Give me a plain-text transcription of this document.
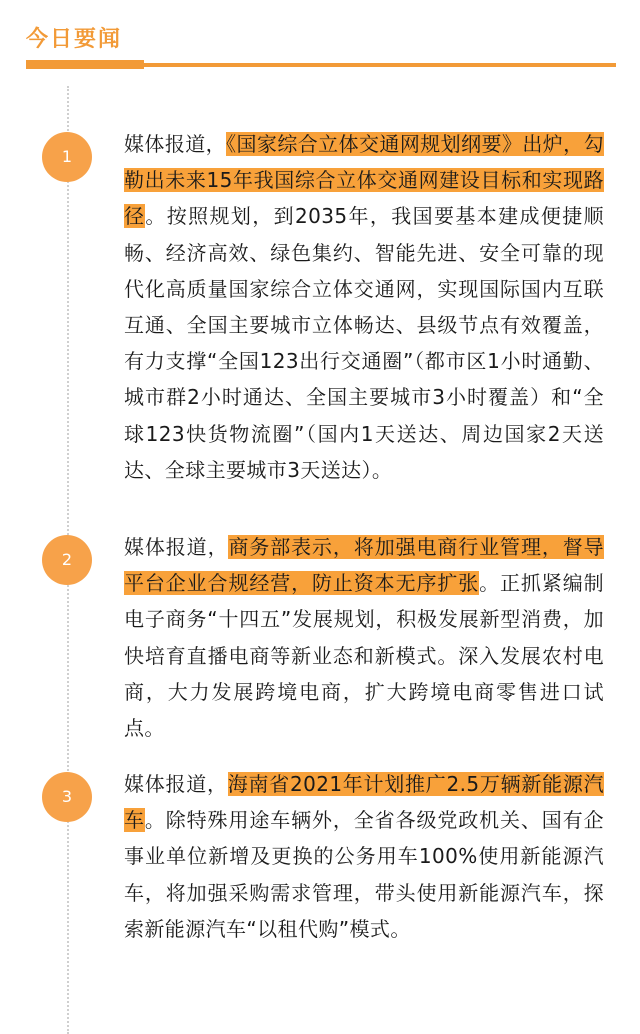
今日要闻
1

媒体报道，《国家综合立体交通网规划纲要》出炉，勾勒出未来15年我国综合立体交通网建设目标和实现路径。按照规划，到2035年，我国要基本建成便捷顺畅、经济高效、绿色集约、智能先进、安全可靠的现代化高质量国家综合立体交通网，实现国际国内互联互通、全国主要城市立体畅达、县级节点有效覆盖，有力支撑“全国123出行交通圈”（都市区1小时通勤、城市群2小时通达、全国主要城市3小时覆盖）和“全球123快货物流圈”（国内1天送达、周边国家2天送达、全球主要城市3天送达）。

2

媒体报道，商务部表示，将加强电商行业管理，督导平台企业合规经营，防止资本无序扩张。正抓紧编制电子商务“十四五”发展规划，积极发展新型消费，加快培育直播电商等新业态和新模式。深入发展农村电商，大力发展跨境电商，扩大跨境电商零售进口试点。

3

媒体报道，海南省2021年计划推广2.5万辆新能源汽车。除特殊用途车辆外，全省各级党政机关、国有企事业单位新增及更换的公务用车100%使用新能源汽车，将加强采购需求管理，带头使用新能源汽车，探索新能源汽车“以租代购”模式。
